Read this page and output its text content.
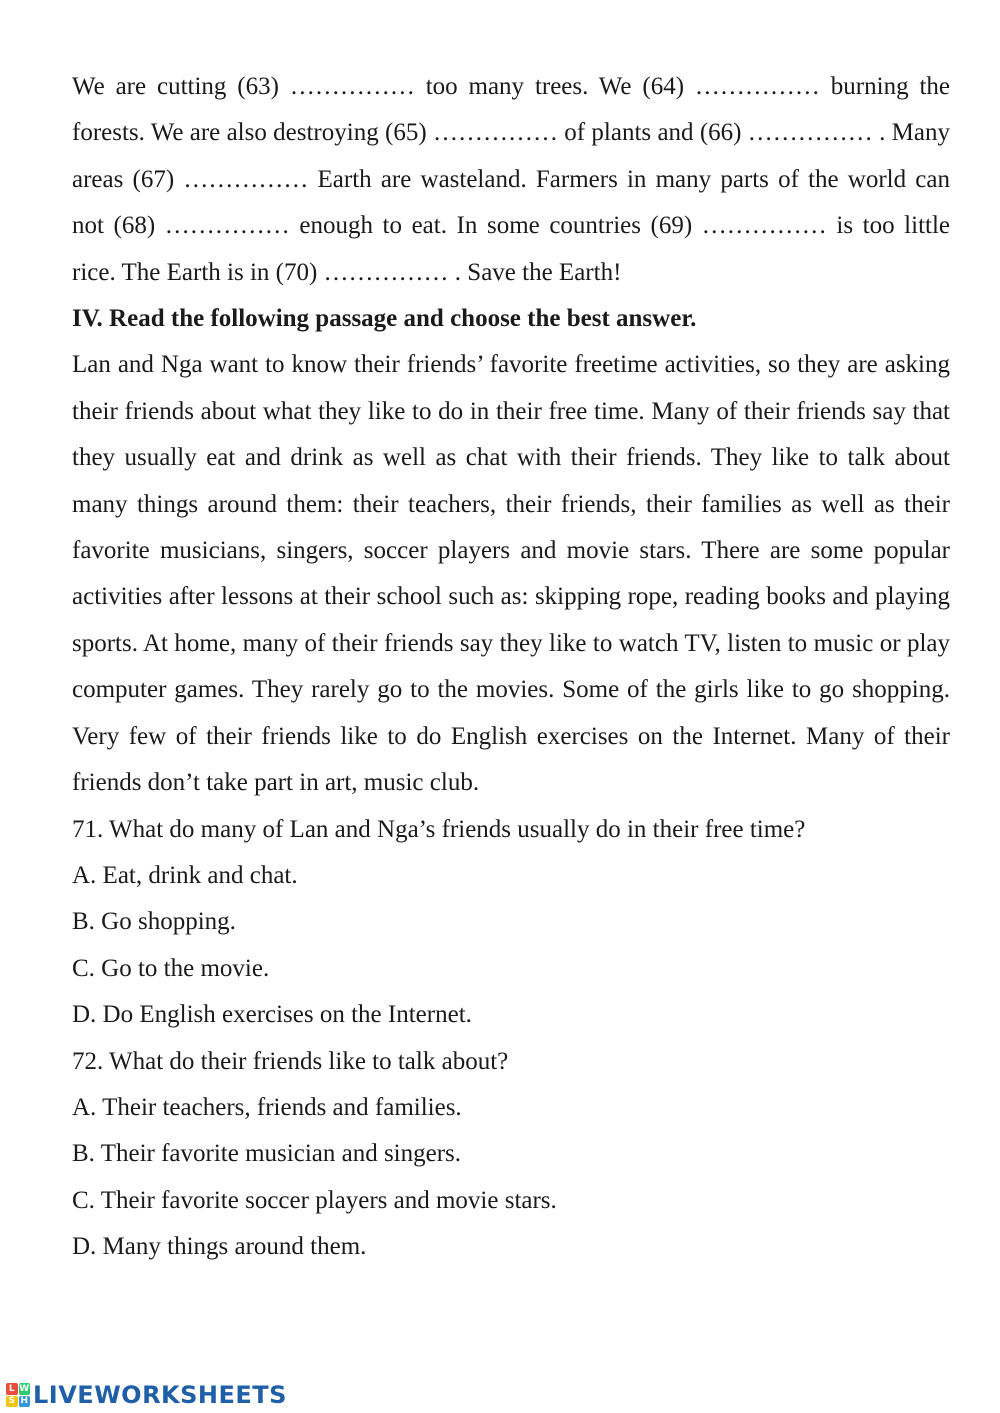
We are cutting (63) …………… too many trees. We (64) …………… burning the forests. We are also destroying (65) …………… of plants and (66) …………… . Many areas (67) …………… Earth are wasteland. Farmers in many parts of the world can not (68) …………… enough to eat. In some countries (69) …………… is too little rice. The Earth is in (70) …………… . Save the Earth!

IV. Read the following passage and choose the best answer.

Lan and Nga want to know their friends’ favorite freetime activities, so they are asking their friends about what they like to do in their free time. Many of their friends say that they usually eat and drink as well as chat with their friends. They like to talk about many things around them: their teachers, their friends, their families as well as their favorite musicians, singers, soccer players and movie stars. There are some popular activities after lessons at their school such as: skipping rope, reading books and playing sports. At home, many of their friends say they like to watch TV, listen to music or play computer games. They rarely go to the movies. Some of the girls like to go shopping. Very few of their friends like to do English exercises on the Internet. Many of their friends don’t take part in art, music club.

71. What do many of Lan and Nga’s friends usually do in their free time?

A. Eat, drink and chat.

B. Go shopping.

C. Go to the movie.

D. Do English exercises on the Internet.

72. What do their friends like to talk about?

A. Their teachers, friends and families.

B. Their favorite musician and singers.

C. Their favorite soccer players and movie stars.

D. Many things around them.

L W
S H LIVEWORKSHEETS
